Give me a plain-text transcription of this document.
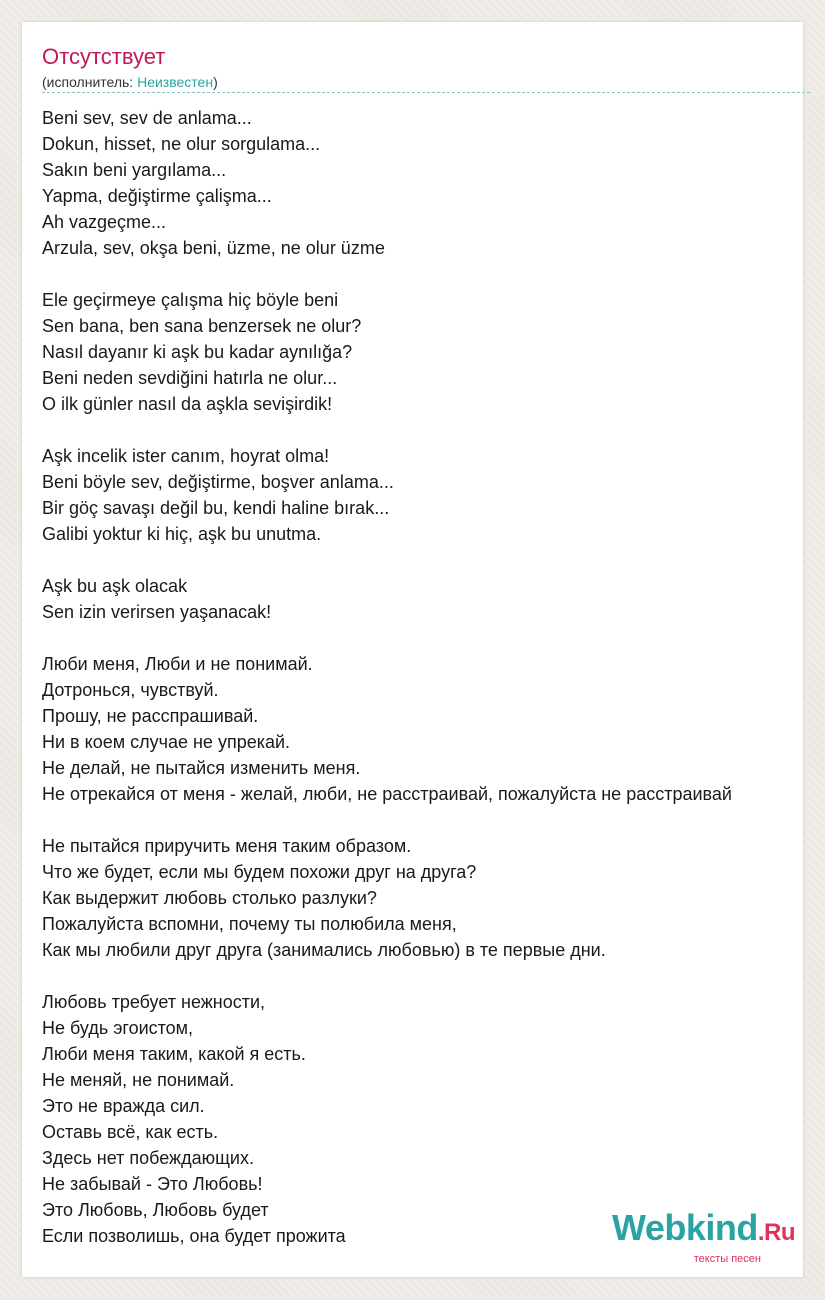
Отсутствует
(исполнитель: Неизвестен)
Beni sev, sev de anlama...
Dokun, hisset, ne olur sorgulama...
Sakın beni yargılama...
Yapma, değiştirme çalişma...
Ah vazgeçme...
Arzula, sev, okşa beni, üzme, ne olur üzme
Ele geçirmeye çalışma hiç böyle beni
Sen bana, ben sana benzersek ne olur?
Nasıl dayanır ki aşk bu kadar aynılığa?
Beni neden sevdiğini hatırla ne olur...
O ilk günler nasıl da aşkla sevişirdik!
Aşk incelik ister canım, hoyrat olma!
Beni böyle sev, değiştirme, boşver anlama...
Bir göç savaşı değil bu, kendi haline bırak...
Galibi yoktur ki hiç, aşk bu unutma.
Aşk bu aşk olacak
Sen izin verirsen yaşanacak!
Люби меня, Люби и не понимай.
Дотронься, чувствуй.
Прошу, не расспрашивай.
Ни в коем случае не упрекай.
Не делай, не пытайся изменить меня.
Не отрекайся от меня - желай, люби, не расстраивай, пожалуйста не расстраивай
Не пытайся приручить меня таким образом.
Что же будет, если мы будем похожи друг на друга?
Как выдержит любовь столько разлуки?
Пожалуйста вспомни, почему ты полюбила меня,
Как мы любили друг друга (занимались любовью) в те первые дни.
Любовь требует нежности,
Не будь эгоистом,
Люби меня таким, какой я есть.
Не меняй, не понимай.
Это не вражда сил.
Оставь всё, как есть.
Здесь нет побеждающих.
Не забывай - Это Любовь!
Это Любовь, Любовь будет
Если позволишь, она будет прожита	Webkind.Ru
тексты песен
